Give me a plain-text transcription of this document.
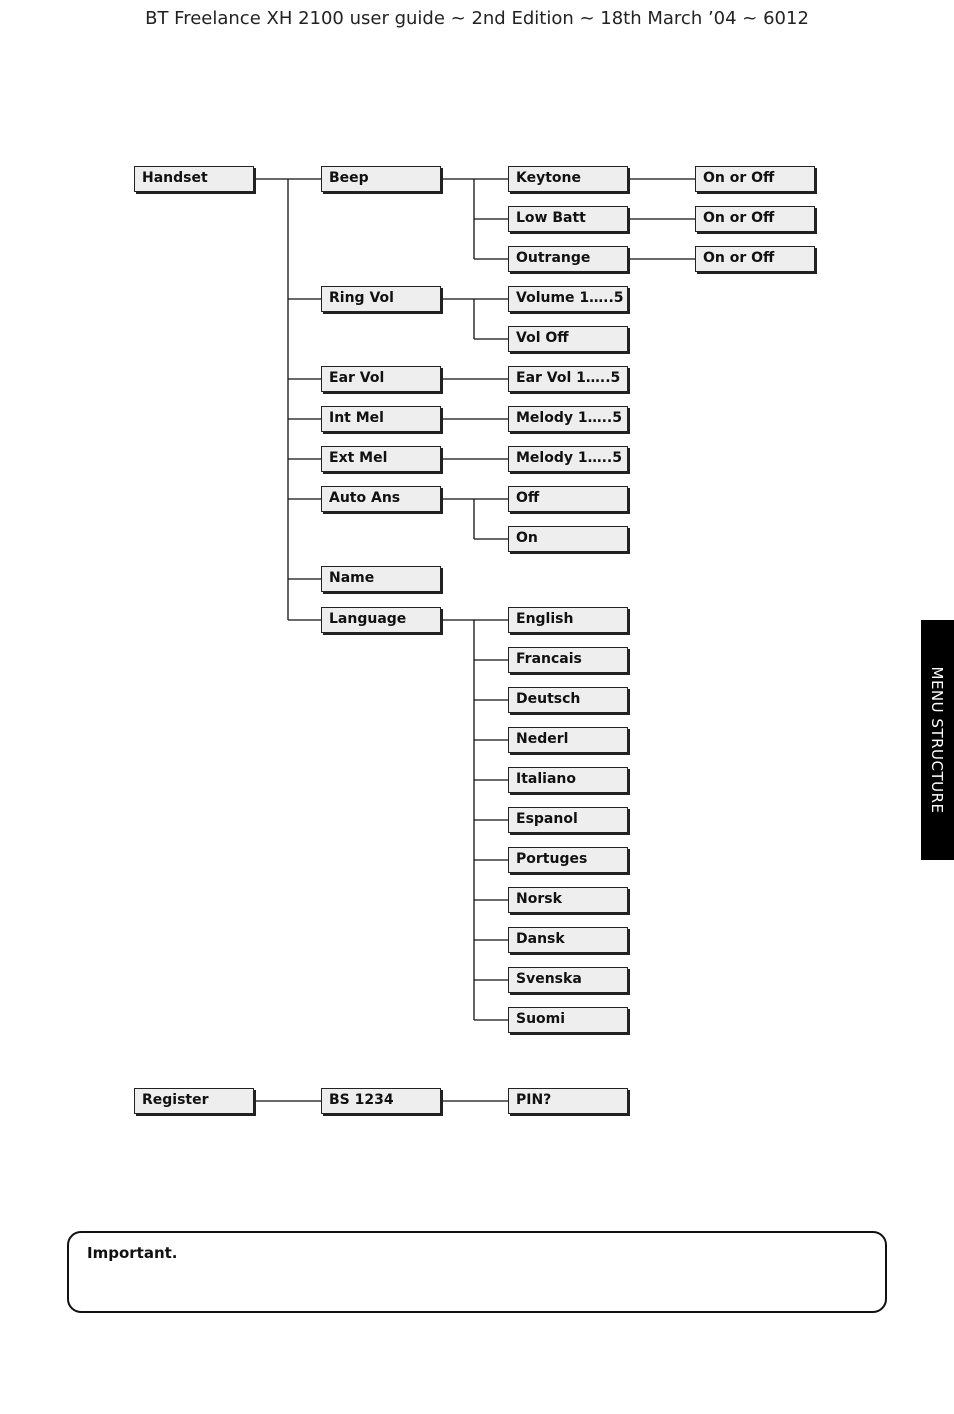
BT Freelance XH 2100 user guide ~ 2nd Edition ~ 18th March ’04 ~ 6012
Handset	Beep
Ring Vol
Ear Vol
Int Mel
Ext Mel
Auto Ans
Name
Language
Keytone
Low Batt
Outrange
Volume 1…..5
Vol Off
Ear Vol 1…..5
Melody 1…..5
Melody 1…..5
Off
On
English
Francais
Deutsch
Nederl
Italiano
Espanol
Portuges
Norsk
Dansk
Svenska
Suomi
On or Off
On or Off
On or Off
Register	BS 1234	PIN?
MENU STRUCTURE
Important.
